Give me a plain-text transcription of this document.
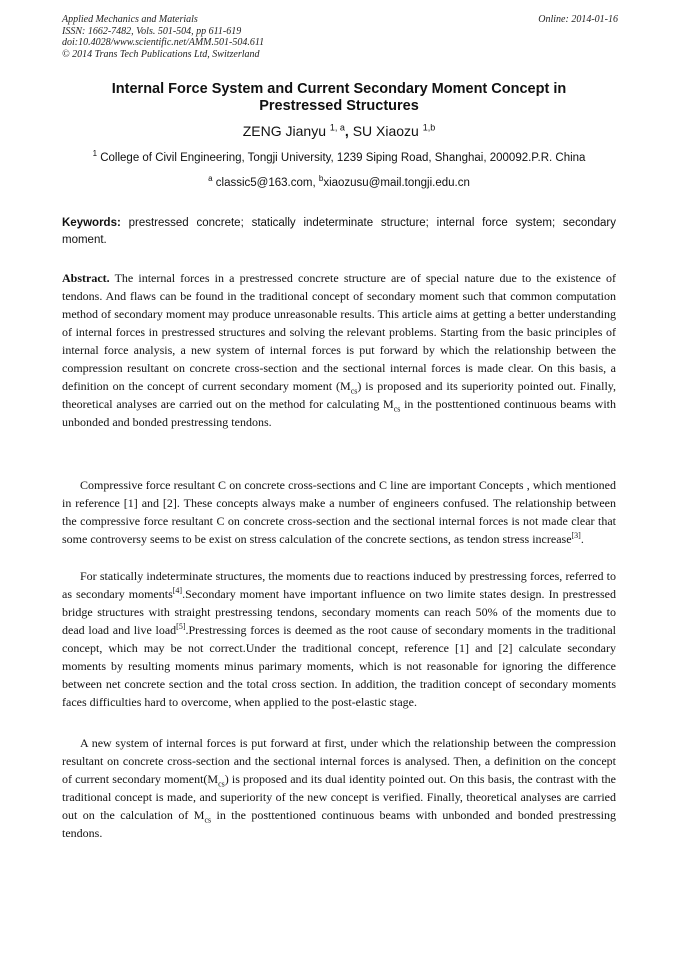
Applied Mechanics and Materials
ISSN: 1662-7482, Vols. 501-504, pp 611-619
doi:10.4028/www.scientific.net/AMM.501-504.611
© 2014 Trans Tech Publications Ltd, Switzerland
Online: 2014-01-16
Internal Force System and Current Secondary Moment Concept in
Prestressed Structures
ZENG Jianyu $^{1, a}$, SU Xiaozu $^{1,b}$
$^1$ College of Civil Engineering, Tongji University, 1239 Siping Road, Shanghai, 200092.P.R. China
$^a$ classic5@163.com, $^b$xiaozusu@mail.tongji.edu.cn
Keywords: prestressed concrete; statically indeterminate structure; internal force system; secondary moment.

Abstract. The internal forces in a prestressed concrete structure are of special nature due to the existence of tendons. And flaws can be found in the traditional concept of secondary moment such that common computation method of secondary moment may produce unreasonable results. This article aims at getting a better understanding of internal forces in prestressed structures and solving the relevant problems. Starting from the basic principles of internal force analysis, a new system of internal forces is put forward by which the relationship between the compression resultant on concrete cross-section and the sectional internal forces is made clear. On this basis, a definition on the concept of current secondary moment $(M_{cs})$ is proposed and its superiority pointed out. Finally, theoretical analyses are carried out on the method for calculating $M_{cs}$ in the posttentioned continuous beams with unbonded and bonded prestressing tendons.

Compressive force resultant C on concrete cross-sections and C line are important Concepts , which mentioned in reference [1] and [2]. These concepts always make a number of engineers confused. The relationship between the compressive force resultant C on concrete cross-section and the sectional internal forces is not made clear that some controversy seems to be exist on stress calculation of the concrete sections, as tendon stress increase[3].

For statically indeterminate structures, the moments due to reactions induced by prestressing forces, referred to as secondary moments[4].Secondary moment have important influence on two limite states design. In prestressed bridge structures with straight prestressing tendons, secondary moments can reach 50% of the moments due to dead load and live load[5].Prestressing forces is deemed as the root cause of secondary moments in the traditional concept, which may be not correct.Under the traditional concept, reference [1] and [2] calculate secondary moments by resulting moments minus parimary moments, which is not reasonable for ignoring the difference between net concrete section and the total cross section. In addition, the tradition concept of secondary moments faces difficulties hard to overcome, when applied to the post-elastic stage.

A new system of internal forces is put forward at first, under which the relationship between the compression resultant on concrete cross-section and the sectional internal forces is analysed. Then, a definition on the concept of current secondary $moment(M_{cs})$ is proposed and its dual identity pointed out. On this basis, the contrast with the traditional concept is made, and superiority of the new concept is verified. Finally, theoretical analyses are carried out on the calculation of $M_{cs}$ in the posttentioned continuous beams with unbonded and bonded prestressing tendons.
